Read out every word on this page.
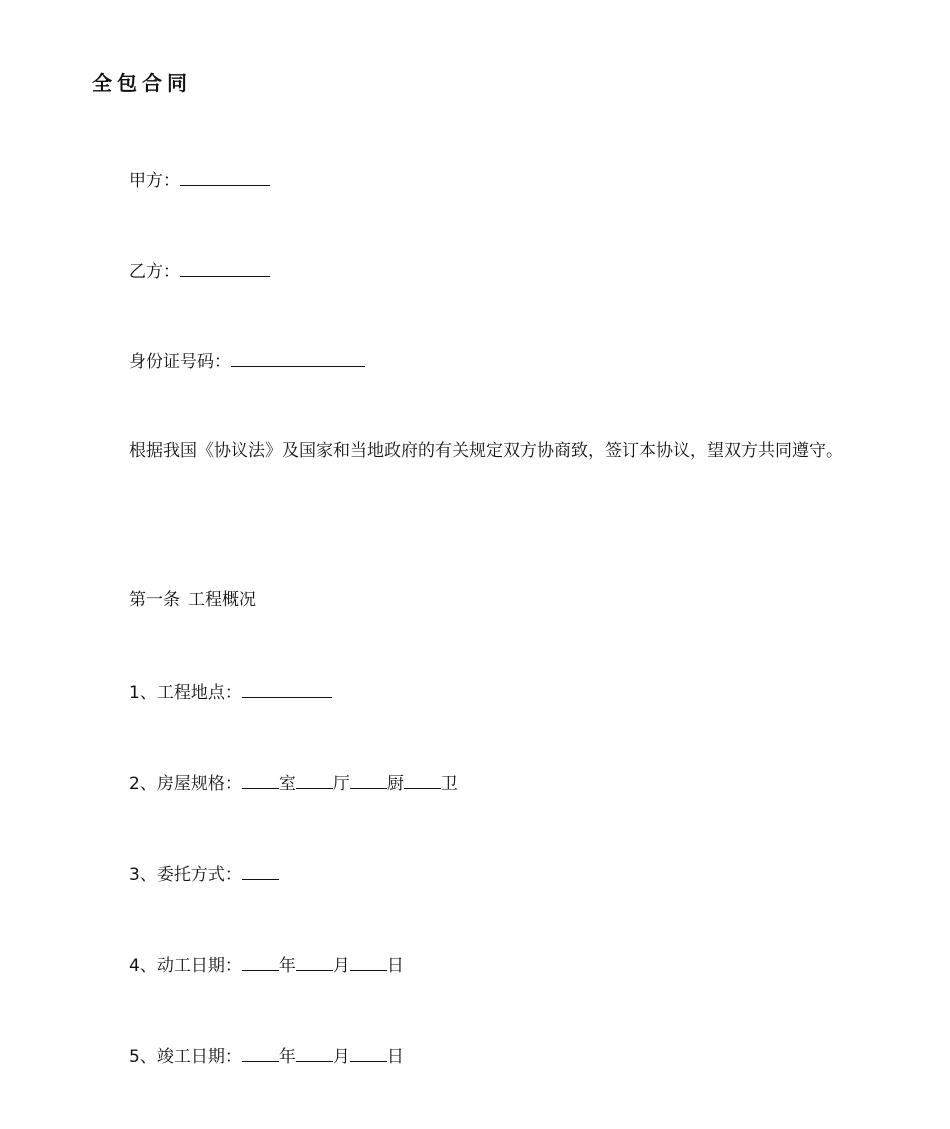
全包合同
甲方：
乙方：
身份证号码：
根据我国《协议法》及国家和当地政府的有关规定双方协商致，签订本协议，望双方共同遵守。
第一条 工程概况
1、工程地点：
2、房屋规格： 室 厅 厨 卫
3、委托方式：
4、动工日期： 年 月 日
5、竣工日期： 年 月 日
